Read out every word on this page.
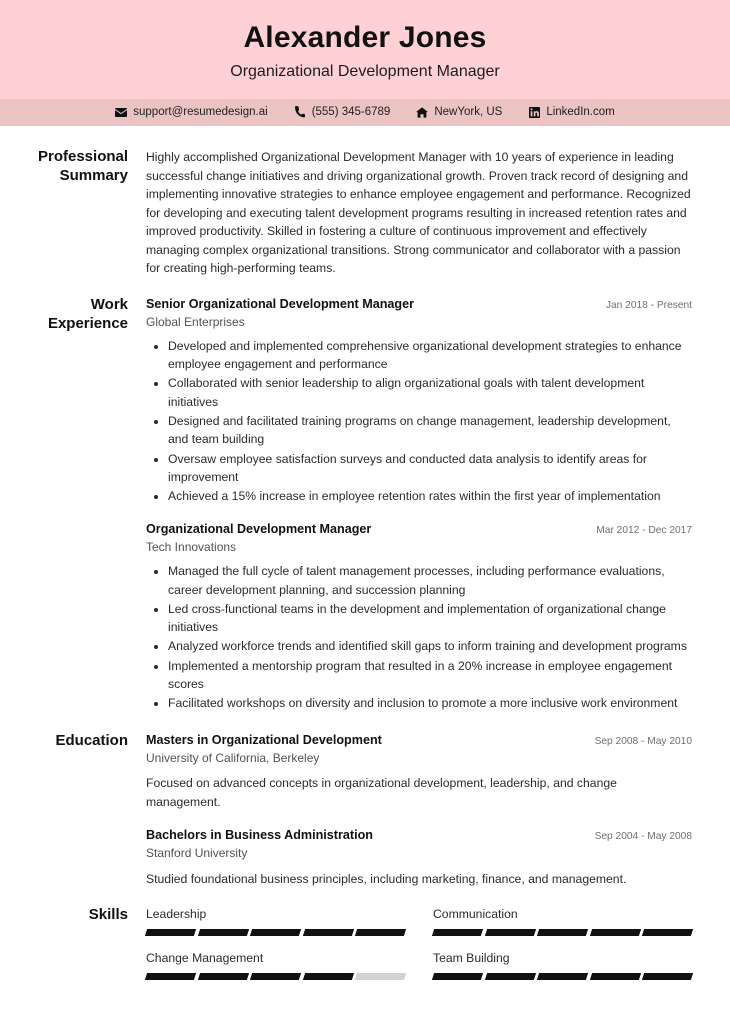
Alexander Jones
Organizational Development Manager
support@resumedesign.ai	(555) 345-6789	NewYork, US	LinkedIn.com
Professional Summary

Highly accomplished Organizational Development Manager with 10 years of experience in leading successful change initiatives and driving organizational growth. Proven track record of designing and implementing innovative strategies to enhance employee engagement and performance. Recognized for developing and executing talent development programs resulting in increased retention rates and improved productivity. Skilled in fostering a culture of continuous improvement and effectively managing complex organizational transitions. Strong communicator and collaborator with a passion for creating high-performing teams.

Work Experience
Senior Organizational Development Manager	Jan 2018 - Present
Global Enterprises
• Developed and implemented comprehensive organizational development strategies to enhance employee engagement and performance
• Collaborated with senior leadership to align organizational goals with talent development initiatives
• Designed and facilitated training programs on change management, leadership development, and team building
• Oversaw employee satisfaction surveys and conducted data analysis to identify areas for improvement
• Achieved a 15% increase in employee retention rates within the first year of implementation
Organizational Development Manager	Mar 2012 - Dec 2017
Tech Innovations
• Managed the full cycle of talent management processes, including performance evaluations, career development planning, and succession planning
• Led cross-functional teams in the development and implementation of organizational change initiatives
• Analyzed workforce trends and identified skill gaps to inform training and development programs
• Implemented a mentorship program that resulted in a 20% increase in employee engagement scores
• Facilitated workshops on diversity and inclusion to promote a more inclusive work environment
Education	Masters in Organizational Development	Sep 2008 - May 2010
University of California, Berkeley
Focused on advanced concepts in organizational development, leadership, and change management.
Bachelors in Business Administration	Sep 2004 - May 2008
Stanford University
Studied foundational business principles, including marketing, finance, and management.
Skills	Leadership	Communication
Change Management	Team Building
